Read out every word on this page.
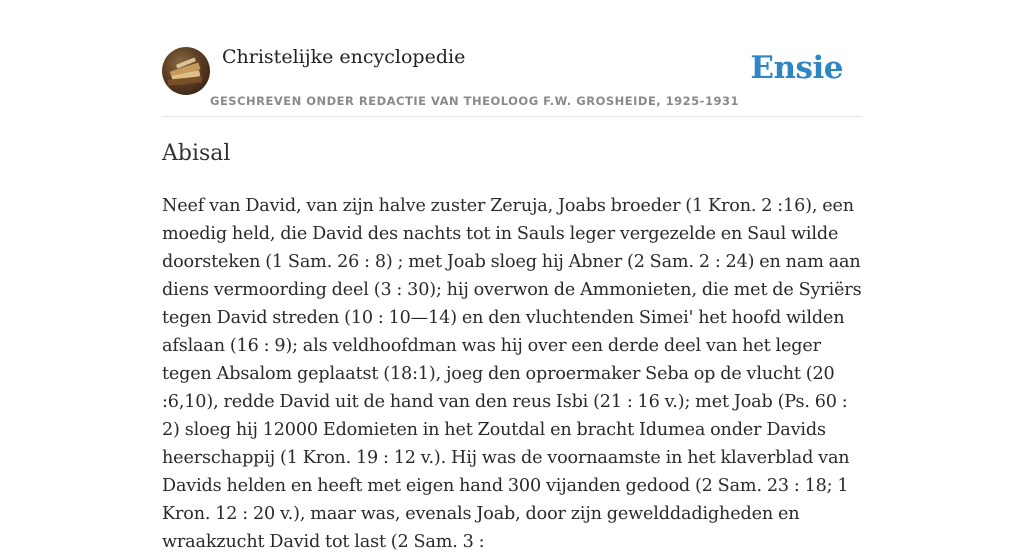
Christelijke encyclopedie	Ensie
GESCHREVEN ONDER REDACTIE VAN THEOLOOG F.W. GROSHEIDE, 1925-1931
Abisal

Neef van David, van zijn halve zuster Zeruja, Joabs broeder (1 Kron. 2 :16), een moedig held, die David des nachts tot in Sauls leger vergezelde en Saul wilde doorsteken (1 Sam. 26 : 8) ; met Joab sloeg hij Abner (2 Sam. 2 : 24) en nam aan diens vermoording deel (3 : 30); hij overwon de Ammonieten, die met de Syriërs tegen David streden (10 : 10—14) en den vluchtenden Simei' het hoofd wilden afslaan (16 : 9); als veldhoofdman was hij over een derde deel van het leger tegen Absalom geplaatst (18:1), joeg den oproermaker Seba op de vlucht (20 :6,10), redde David uit de hand van den reus Isbi (21 : 16 v.); met Joab (Ps. 60 : 2) sloeg hij 12000 Edomieten in het Zoutdal en bracht Idumea onder Davids heerschappij (1 Kron. 19 : 12 v.). Hij was de voornaamste in het klaverblad van Davids helden en heeft met eigen hand 300 vijanden gedood (2 Sam. 23 : 18; 1 Kron. 12 : 20 v.), maar was, evenals Joab, door zijn gewelddadigheden en wraakzucht David tot last (2 Sam. 3 :
